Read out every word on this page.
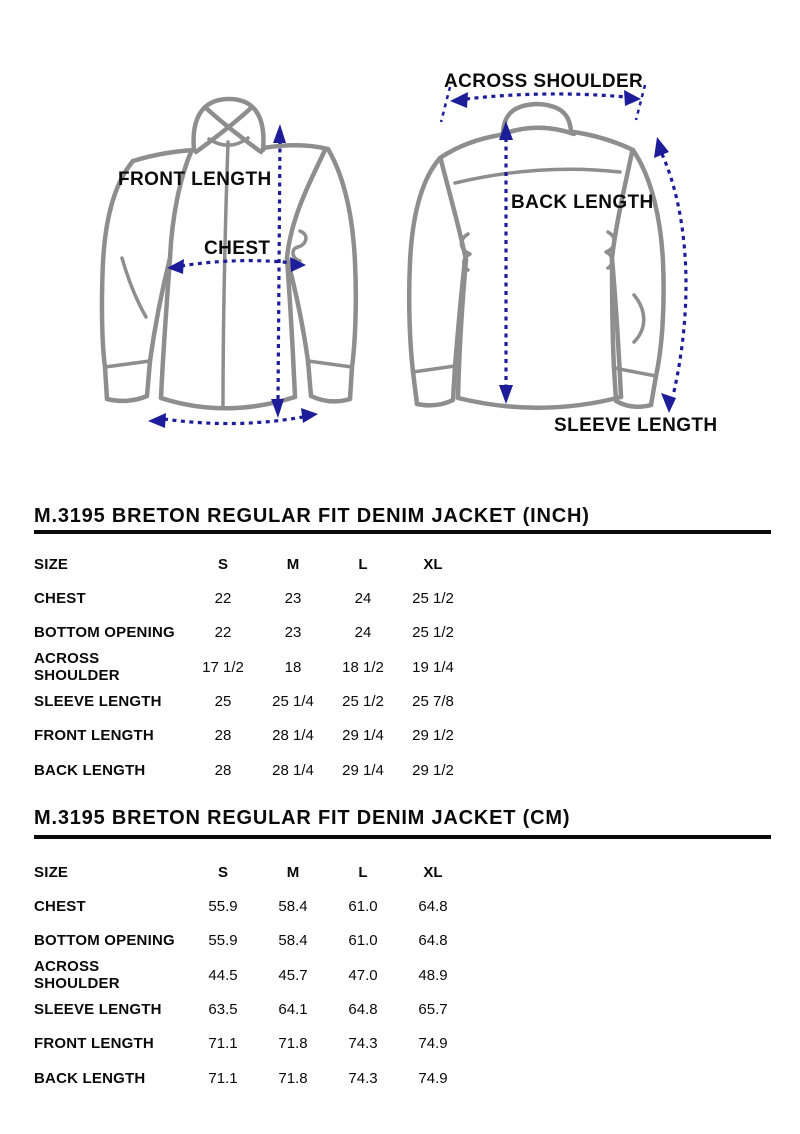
FRONT LENGTH
CHEST
ACROSS SHOULDER
BACK LENGTH
SLEEVE LENGTH
M.3195 BRETON REGULAR FIT DENIM JACKET (INCH)
SIZE	S	M	L	XL
CHEST	22	23	24	25 1/2
BOTTOM OPENING	22	23	24	25 1/2
ACROSS SHOULDER	17 1/2	18	18 1/2	19 1/4
SLEEVE LENGTH	25	25 1/4	25 1/2	25 7/8
FRONT LENGTH	28	28 1/4	29 1/4	29 1/2
BACK LENGTH	28	28 1/4	29 1/4	29 1/2
M.3195 BRETON REGULAR FIT DENIM JACKET (CM)
SIZE	S	M	L	XL
CHEST	55.9	58.4	61.0	64.8
BOTTOM OPENING	55.9	58.4	61.0	64.8
ACROSS SHOULDER	44.5	45.7	47.0	48.9
SLEEVE LENGTH	63.5	64.1	64.8	65.7
FRONT LENGTH	71.1	71.8	74.3	74.9
BACK LENGTH	71.1	71.8	74.3	74.9
